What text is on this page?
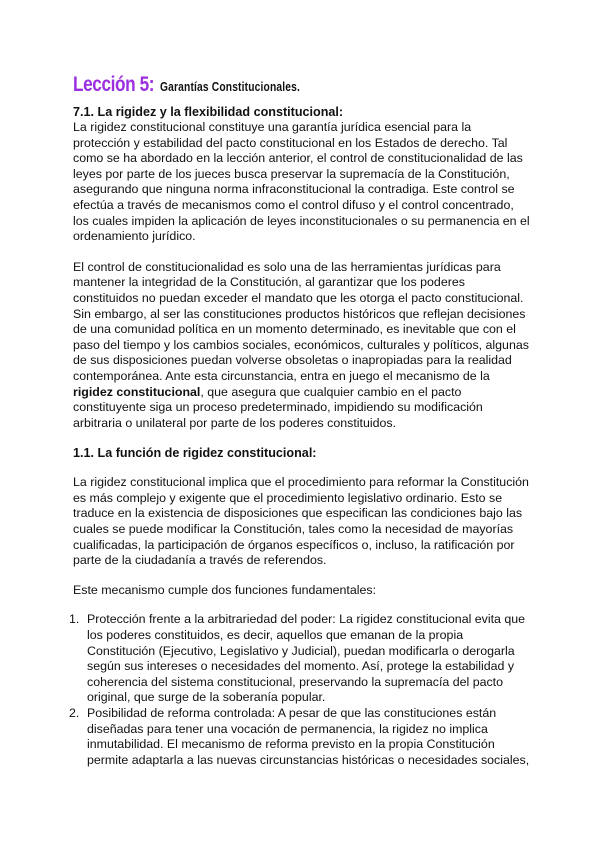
Lección 5: Garantías Constitucionales.
7.1. La rigidez y la flexibilidad constitucional:

La rigidez constitucional constituye una garantía jurídica esencial para la protección y estabilidad del pacto constitucional en los Estados de derecho. Tal como se ha abordado en la lección anterior, el control de constitucionalidad de las leyes por parte de los jueces busca preservar la supremacía de la Constitución, asegurando que ninguna norma infraconstitucional la contradiga. Este control se efectúa a través de mecanismos como el control difuso y el control concentrado, los cuales impiden la aplicación de leyes inconstitucionales o su permanencia en el ordenamiento jurídico.

El control de constitucionalidad es solo una de las herramientas jurídicas para mantener la integridad de la Constitución, al garantizar que los poderes constituidos no puedan exceder el mandato que les otorga el pacto constitucional. Sin embargo, al ser las constituciones productos históricos que reflejan decisiones de una comunidad política en un momento determinado, es inevitable que con el paso del tiempo y los cambios sociales, económicos, culturales y políticos, algunas de sus disposiciones puedan volverse obsoletas o inapropiadas para la realidad contemporánea. Ante esta circunstancia, entra en juego el mecanismo de la rigidez constitucional, que asegura que cualquier cambio en el pacto constituyente siga un proceso predeterminado, impidiendo su modificación arbitraria o unilateral por parte de los poderes constituidos.

1.1. La función de rigidez constitucional:

La rigidez constitucional implica que el procedimiento para reformar la Constitución es más complejo y exigente que el procedimiento legislativo ordinario. Esto se traduce en la existencia de disposiciones que especifican las condiciones bajo las cuales se puede modificar la Constitución, tales como la necesidad de mayorías cualificadas, la participación de órganos específicos o, incluso, la ratificación por parte de la ciudadanía a través de referendos.

Este mecanismo cumple dos funciones fundamentales:

1. Protección frente a la arbitrariedad del poder: La rigidez constitucional evita que los poderes constituidos, es decir, aquellos que emanan de la propia Constitución (Ejecutivo, Legislativo y Judicial), puedan modificarla o derogarla según sus intereses o necesidades del momento. Así, protege la estabilidad y coherencia del sistema constitucional, preservando la supremacía del pacto original, que surge de la soberanía popular.
2. Posibilidad de reforma controlada: A pesar de que las constituciones están diseñadas para tener una vocación de permanencia, la rigidez no implica inmutabilidad. El mecanismo de reforma previsto en la propia Constitución permite adaptarla a las nuevas circunstancias históricas o necesidades sociales,
